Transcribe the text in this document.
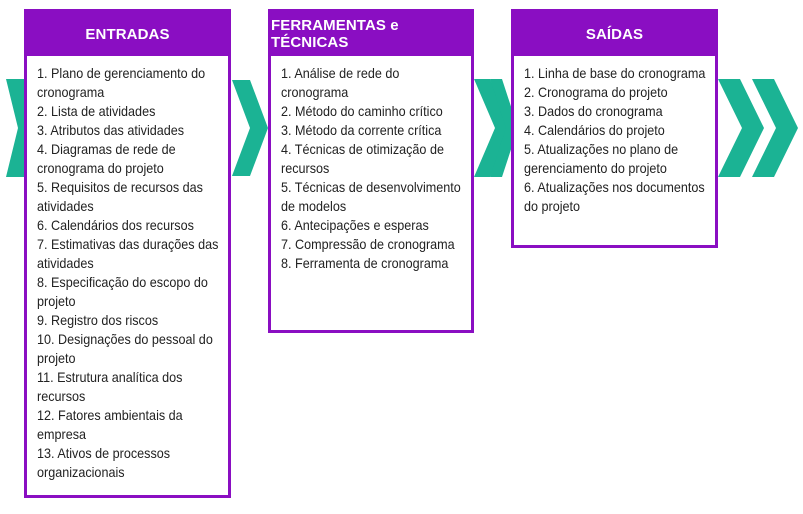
ENTRADAS
1. Plano de gerenciamento do cronograma
2. Lista de atividades
3. Atributos das atividades
4. Diagramas de rede de cronograma do projeto
5. Requisitos de recursos das atividades
6. Calendários dos recursos
7. Estimativas das durações das atividades
8. Especificação do escopo do projeto
9. Registro dos riscos
10. Designações do pessoal do projeto
11. Estrutura analítica dos recursos
12. Fatores ambientais da empresa
13. Ativos de processos organizacionais
FERRAMENTAS e TÉCNICAS
1. Análise de rede do cronograma
2. Método do caminho crítico
3. Método da corrente crítica
4. Técnicas de otimização de recursos
5. Técnicas de desenvolvimento de modelos
6. Antecipações e esperas
7. Compressão de cronograma
8. Ferramenta de cronograma
SAÍDAS
1. Linha de base do cronograma
2. Cronograma do projeto
3. Dados do cronograma
4. Calendários do projeto
5. Atualizações no plano de gerenciamento do projeto
6. Atualizações nos documentos do projeto
